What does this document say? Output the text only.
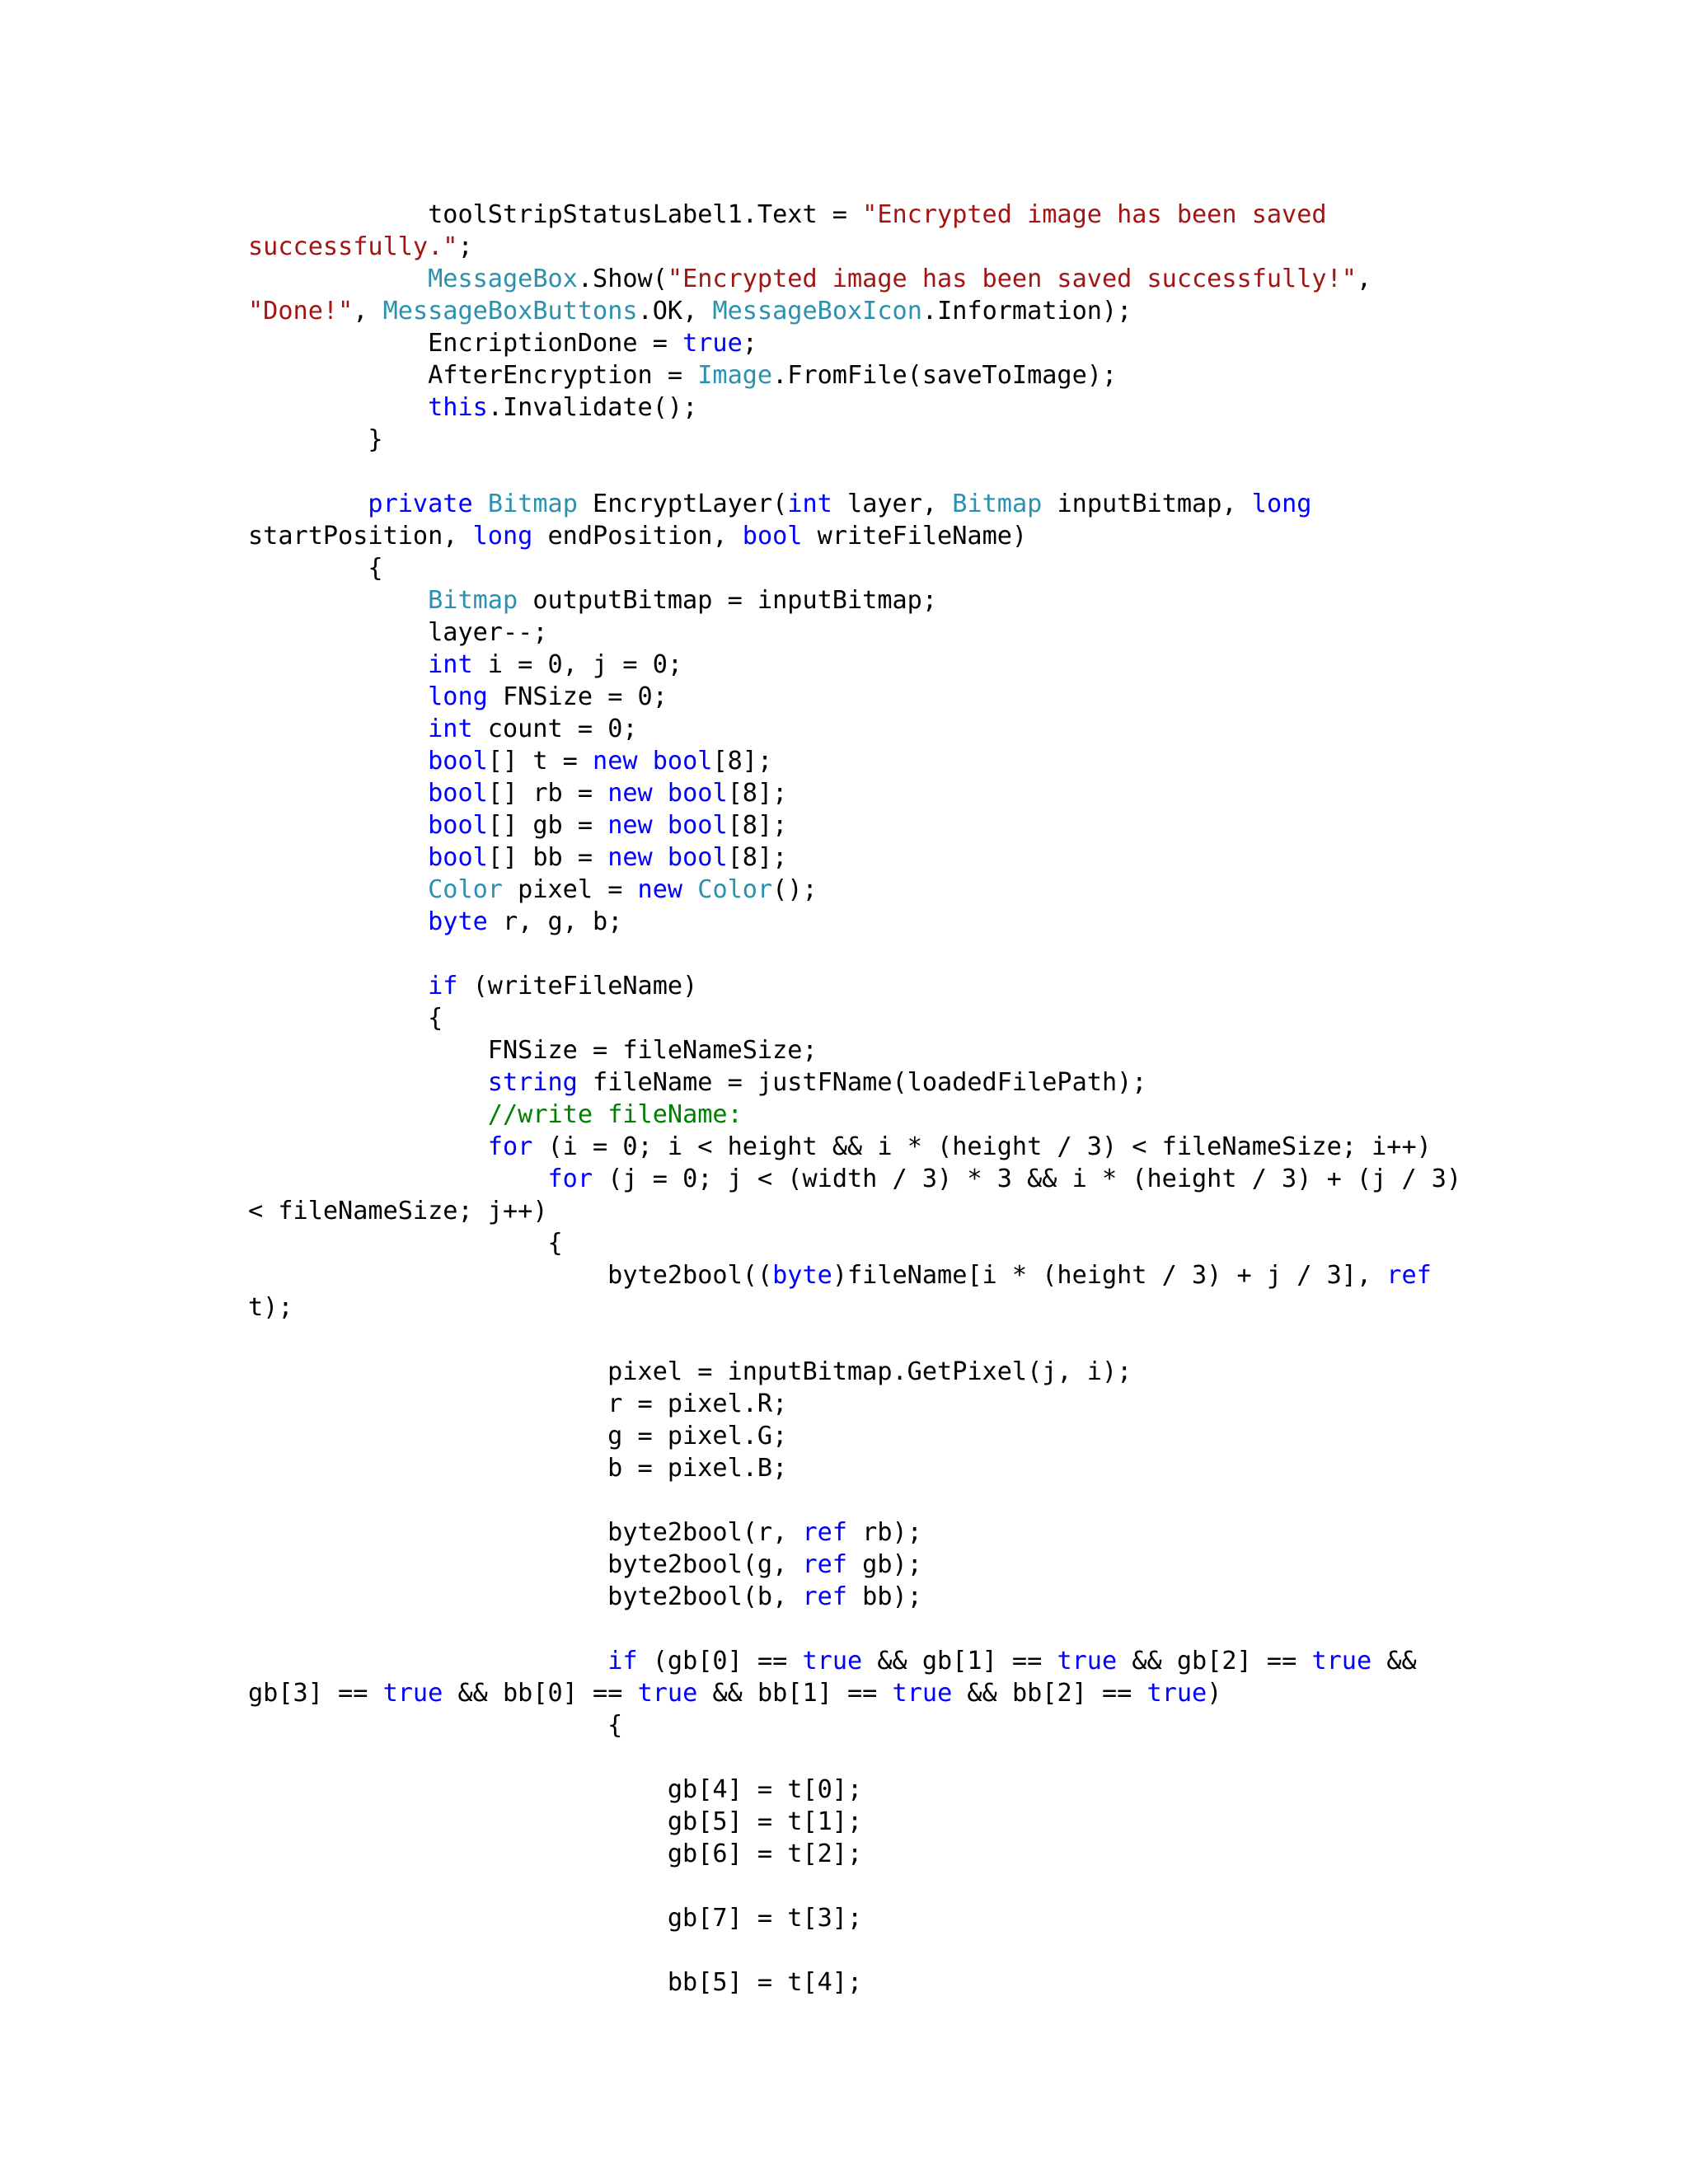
toolStripStatusLabel1.Text = "Encrypted image has been saved
successfully.";
MessageBox.Show("Encrypted image has been saved successfully!",
"Done!", MessageBoxButtons.OK, MessageBoxIcon.Information);
EncriptionDone = true;
AfterEncryption = Image.FromFile(saveToImage);
this.Invalidate();
}
private Bitmap EncryptLayer(int layer, Bitmap inputBitmap, long
startPosition, long endPosition, bool writeFileName)
{
Bitmap outputBitmap = inputBitmap;
layer--;
int i = 0, j = 0;
long FNSize = 0;
int count = 0;
bool[] t = new bool[8];
bool[] rb = new bool[8];
bool[] gb = new bool[8];
bool[] bb = new bool[8];
Color pixel = new Color();
byte r, g, b;
if (writeFileName)
{
FNSize = fileNameSize;
string fileName = justFName(loadedFilePath);
//write fileName:
for (i = 0; i < height && i * (height / 3) < fileNameSize; i++)
for (j = 0; j < (width / 3) * 3 && i * (height / 3) + (j / 3)
< fileNameSize; j++)
{
byte2bool((byte)fileName[i * (height / 3) + j / 3], ref
t);
pixel = inputBitmap.GetPixel(j, i);
r = pixel.R;
g = pixel.G;
b = pixel.B;
byte2bool(r, ref rb);
byte2bool(g, ref gb);
byte2bool(b, ref bb);
if (gb[0] == true && gb[1] == true && gb[2] == true &&
gb[3] == true && bb[0] == true && bb[1] == true && bb[2] == true)
{
gb[4] = t[0];
gb[5] = t[1];
gb[6] = t[2];
gb[7] = t[3];
bb[5] = t[4];
